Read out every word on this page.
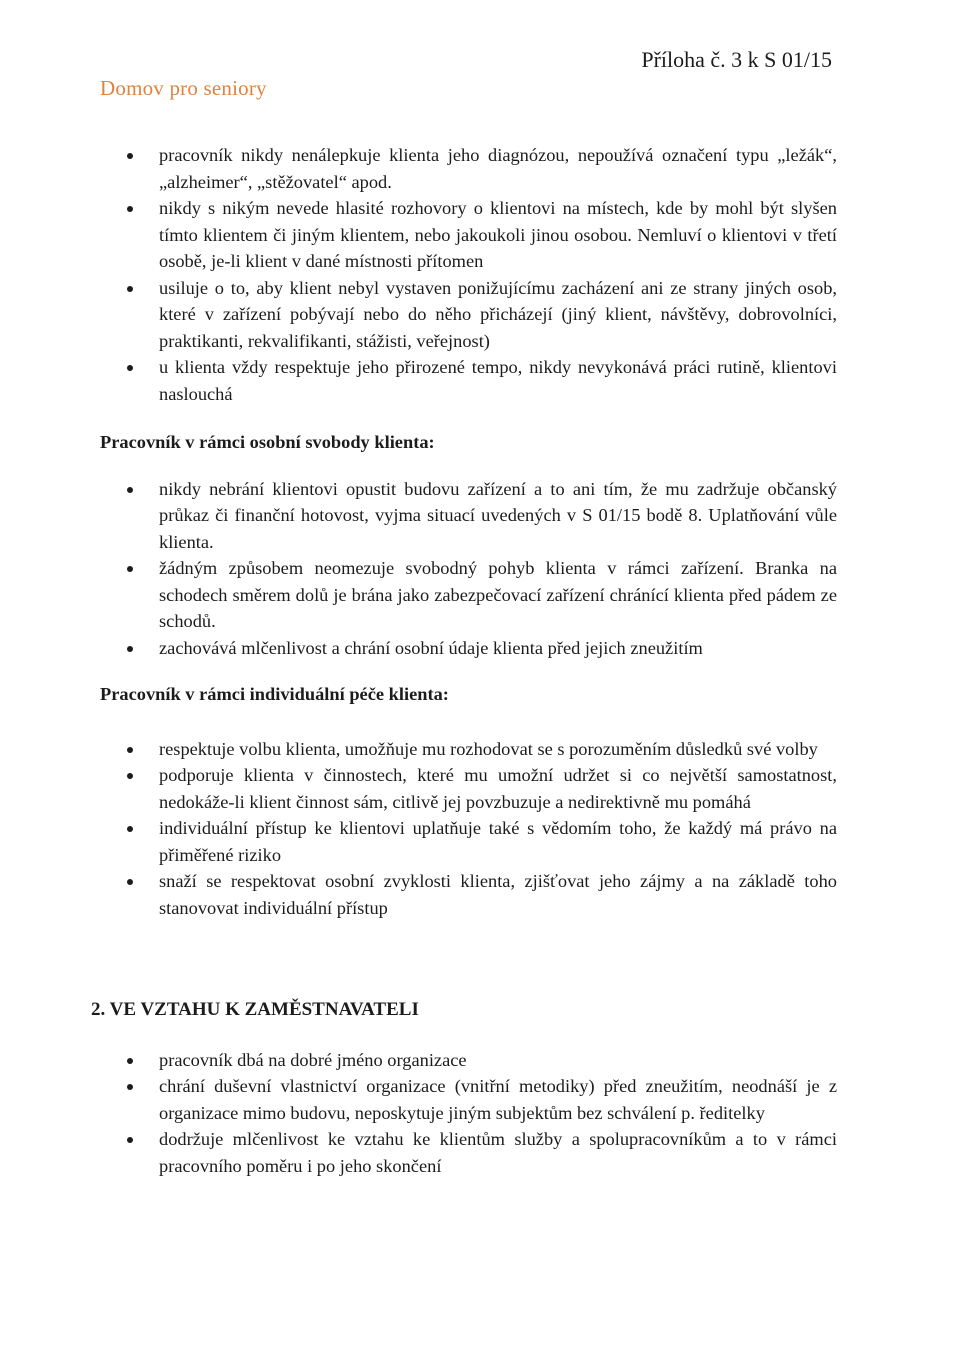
Domov pro seniory
Příloha č. 3 k S 01/15
pracovník nikdy nenálepkuje klienta jeho diagnózou, nepoužívá označení typu „ležák“, „alzheimer“, „stěžovatel“ apod.
nikdy s nikým nevede hlasité rozhovory o klientovi na místech, kde by mohl být slyšen tímto klientem či jiným klientem, nebo jakoukoli jinou osobou. Nemluví o klientovi v třetí osobě, je-li klient v dané místnosti přítomen
usiluje o to, aby klient nebyl vystaven ponižujícímu zacházení ani ze strany jiných osob, které v zařízení pobývají nebo do něho přicházejí (jiný klient, návštěvy, dobrovolníci, praktikanti, rekvalifikanti, stážisti, veřejnost)
u klienta vždy respektuje jeho přirozené tempo, nikdy nevykonává práci rutině, klientovi naslouchá

Pracovník v rámci osobní svobody klienta:

nikdy nebrání klientovi opustit budovu zařízení a to ani tím, že mu zadržuje občanský průkaz či finanční hotovost, vyjma situací uvedených v S 01/15 bodě 8. Uplatňování vůle klienta.
žádným způsobem neomezuje svobodný pohyb klienta v rámci zařízení. Branka na schodech směrem dolů je brána jako zabezpečovací zařízení chránící klienta před pádem ze schodů.
zachovává mlčenlivost a chrání osobní údaje klienta před jejich zneužitím

Pracovník v rámci individuální péče klienta:

respektuje volbu klienta, umožňuje mu rozhodovat se s porozuměním důsledků své volby
podporuje klienta v činnostech, které mu umožní udržet si co největší samostatnost, nedokáže-li klient činnost sám, citlivě jej povzbuzuje a nedirektivně mu pomáhá
individuální přístup ke klientovi uplatňuje také s vědomím toho, že každý má právo na přiměřené riziko
snaží se respektovat osobní zvyklosti klienta, zjišťovat jeho zájmy a na základě toho stanovovat individuální přístup

2. VE VZTAHU K ZAMĚSTNAVATELI

pracovník dbá na dobré jméno organizace
chrání duševní vlastnictví organizace (vnitřní metodiky) před zneužitím, neodnáší je z organizace mimo budovu, neposkytuje jiným subjektům bez schválení p. ředitelky
dodržuje mlčenlivost ke vztahu ke klientům služby a spolupracovníkům a to v rámci pracovního poměru i po jeho skončení
